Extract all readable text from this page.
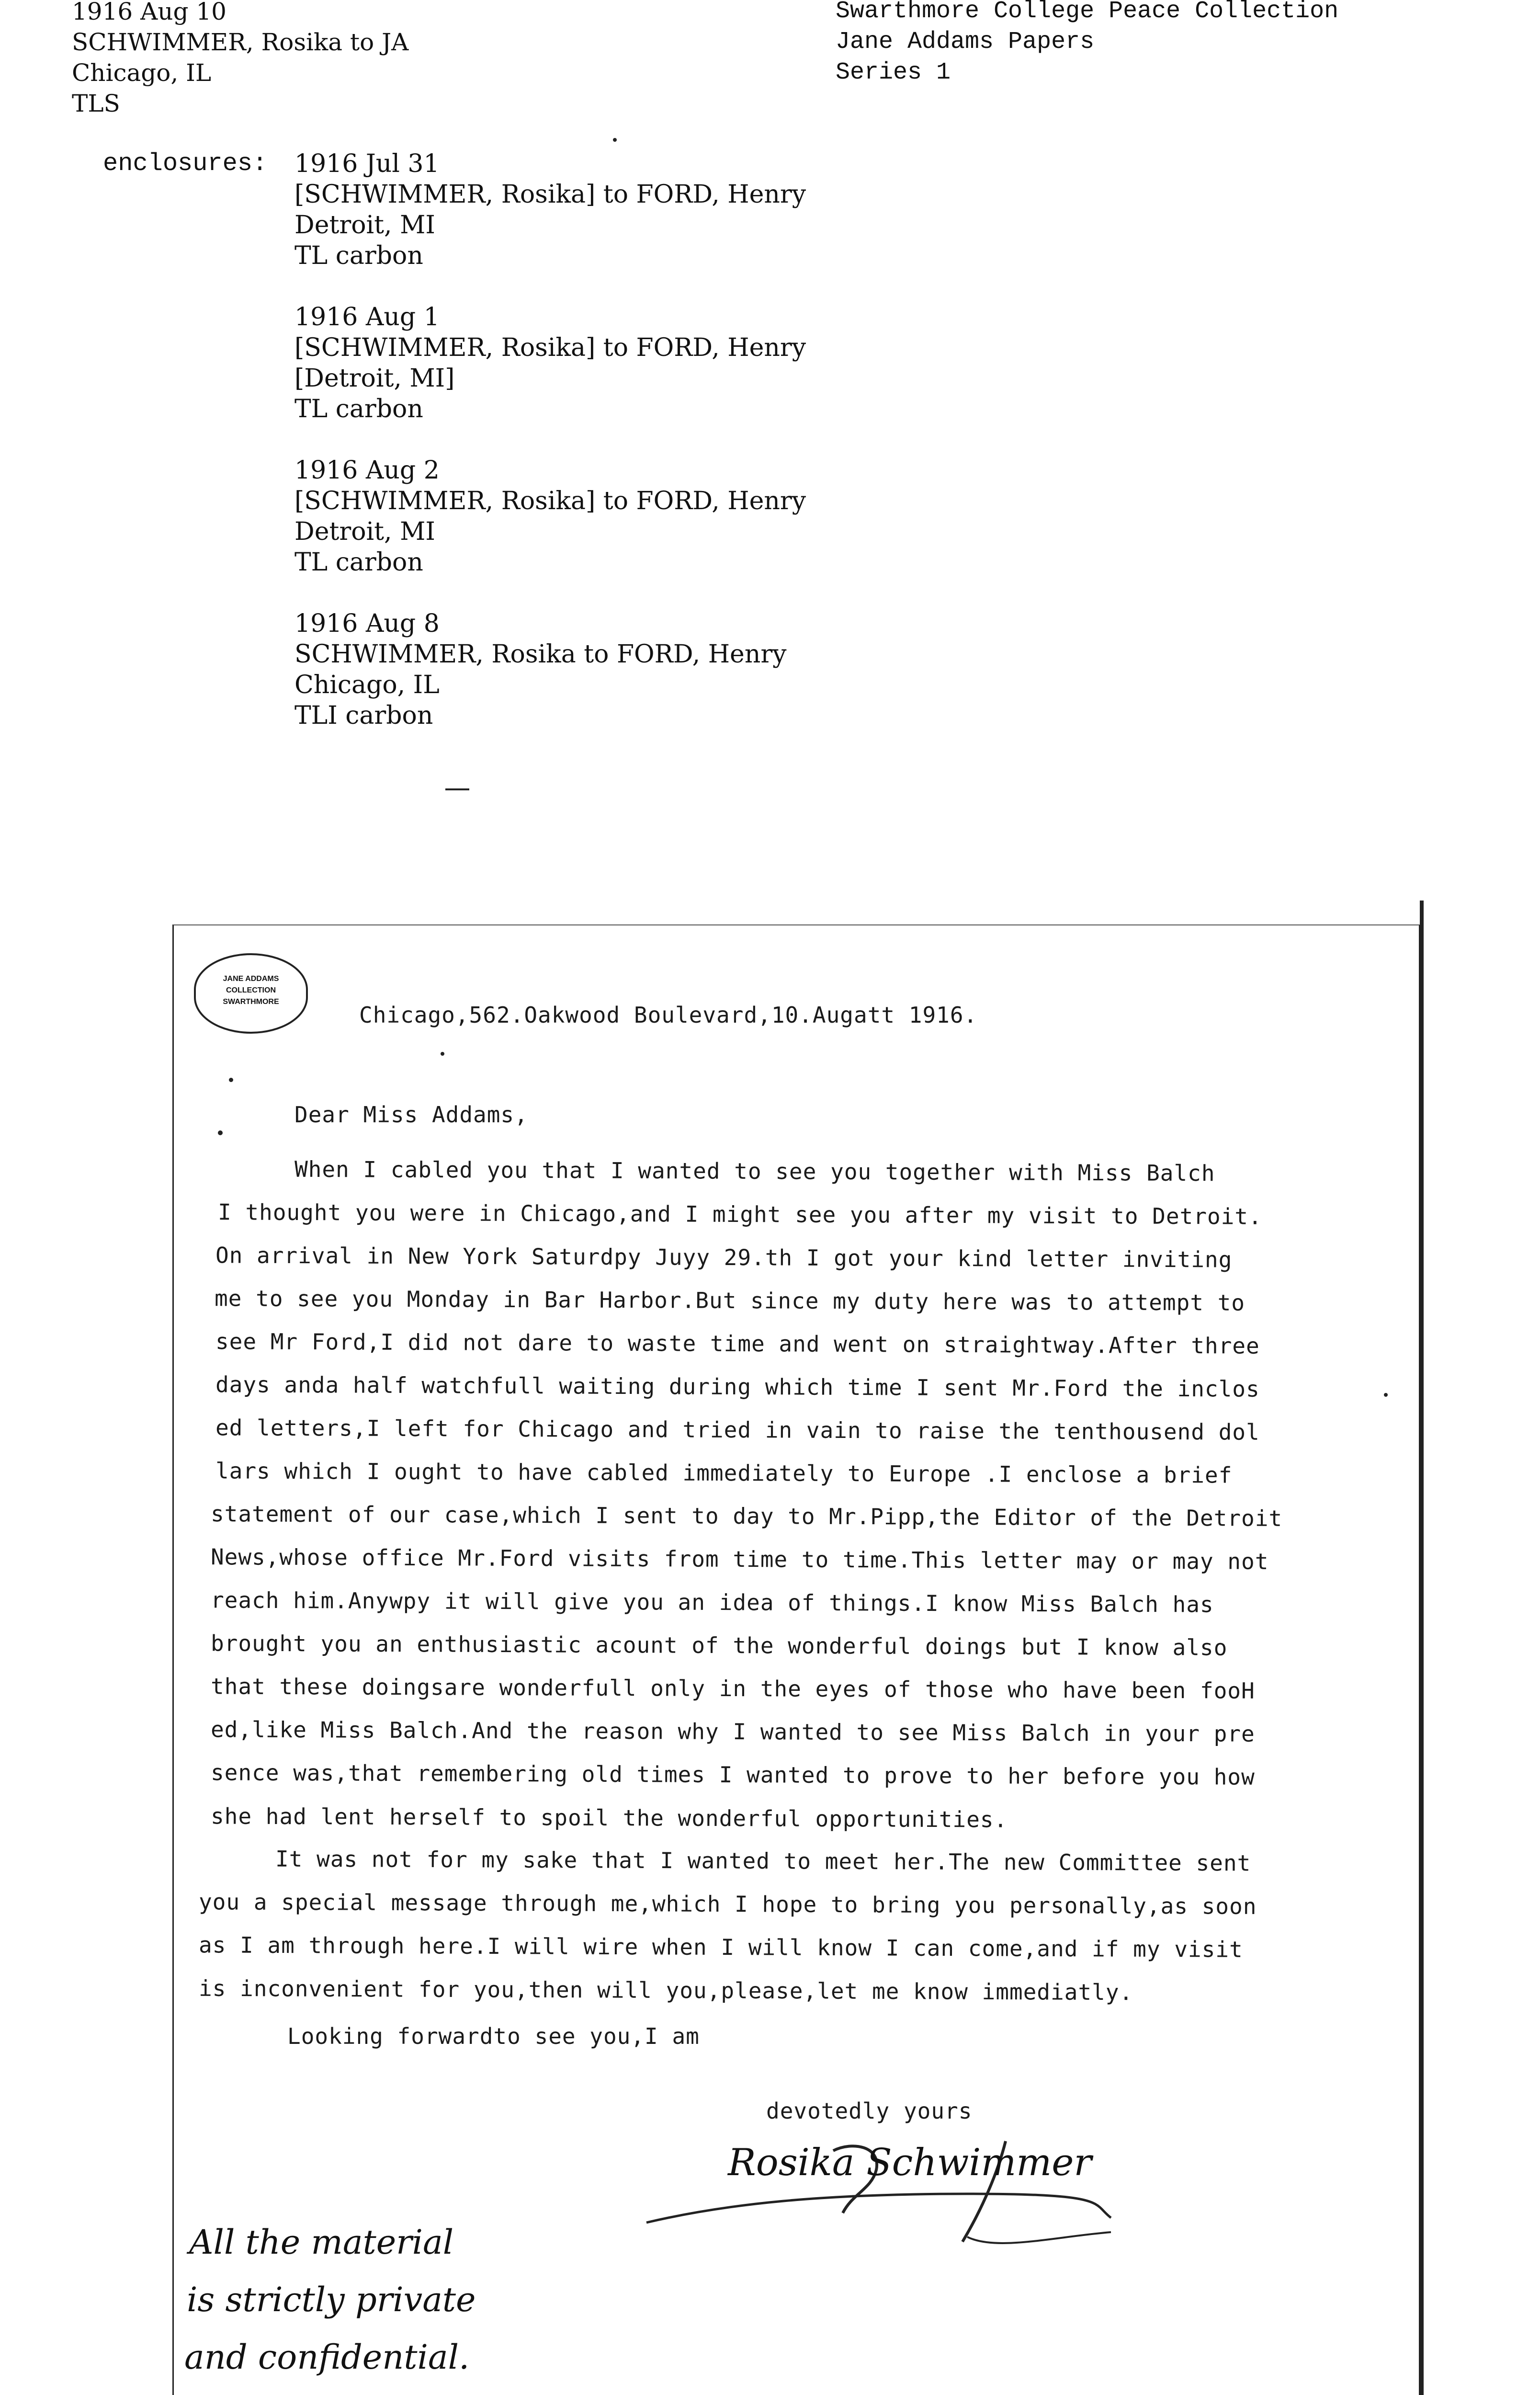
1916 Aug 10
SCHWIMMER, Rosika to JA
Chicago, IL
TLS
Swarthmore College Peace Collection
Jane Addams Papers
Series 1
enclosures: 1916 Jul 31
[SCHWIMMER, Rosika] to FORD, Henry
Detroit, MI
TL carbon
1916 Aug 1
[SCHWIMMER, Rosika] to FORD, Henry
[Detroit, MI]
TL carbon
1916 Aug 2
[SCHWIMMER, Rosika] to FORD, Henry
Detroit, MI
TL carbon
1916 Aug 8
SCHWIMMER, Rosika to FORD, Henry
Chicago, IL
TLI carbon
JANE ADDAMS
COLLECTION
SWARTHMORE
Chicago,562.Oakwood Boulevard,10.Augatt 1916.
Dear Miss Addams,
When I cabled you that I wanted to see you together with Miss Balch
I thought you were in Chicago,and I might see you after my visit to Detroit.
On arrival in New York Saturdpy Juyy 29.th I got your kind letter inviting
me to see you Monday in Bar Harbor.But since my duty here was to attempt to
see Mr Ford,I did not dare to waste time and went on straightway.After three
days anda half watchfull waiting during which time I sent Mr.Ford the inclos
ed letters,I left for Chicago and tried in vain to raise the tenthousend dol
lars which I ought to have cabled immediately to Europe .I enclose a brief
statement of our case,which I sent to day to Mr.Pipp,the Editor of the Detroit
News,whose office Mr.Ford visits from time to time.This letter may or may not
reach him.Anywpy it will give you an idea of things.I know Miss Balch has
brought you an enthusiastic acount of the wonderful doings but I know also
that these doingsare wonderfull only in the eyes of those who have been fooH
ed,like Miss Balch.And the reason why I wanted to see Miss Balch in your pre
sence was,that remembering old times I wanted to prove to her before you how
she had lent herself to spoil the wonderful opportunities.
It was not for my sake that I wanted to meet her.The new Committee sent
you a special message through me,which I hope to bring you personally,as soon
as I am through here.I will wire when I will know I can come,and if my visit
is inconvenient for you,then will you,please,let me know immediatly.
Looking forwardto see you,I am
devotedly yours
Rosika Schwimmer
All the material
is strictly private
and confidential.
